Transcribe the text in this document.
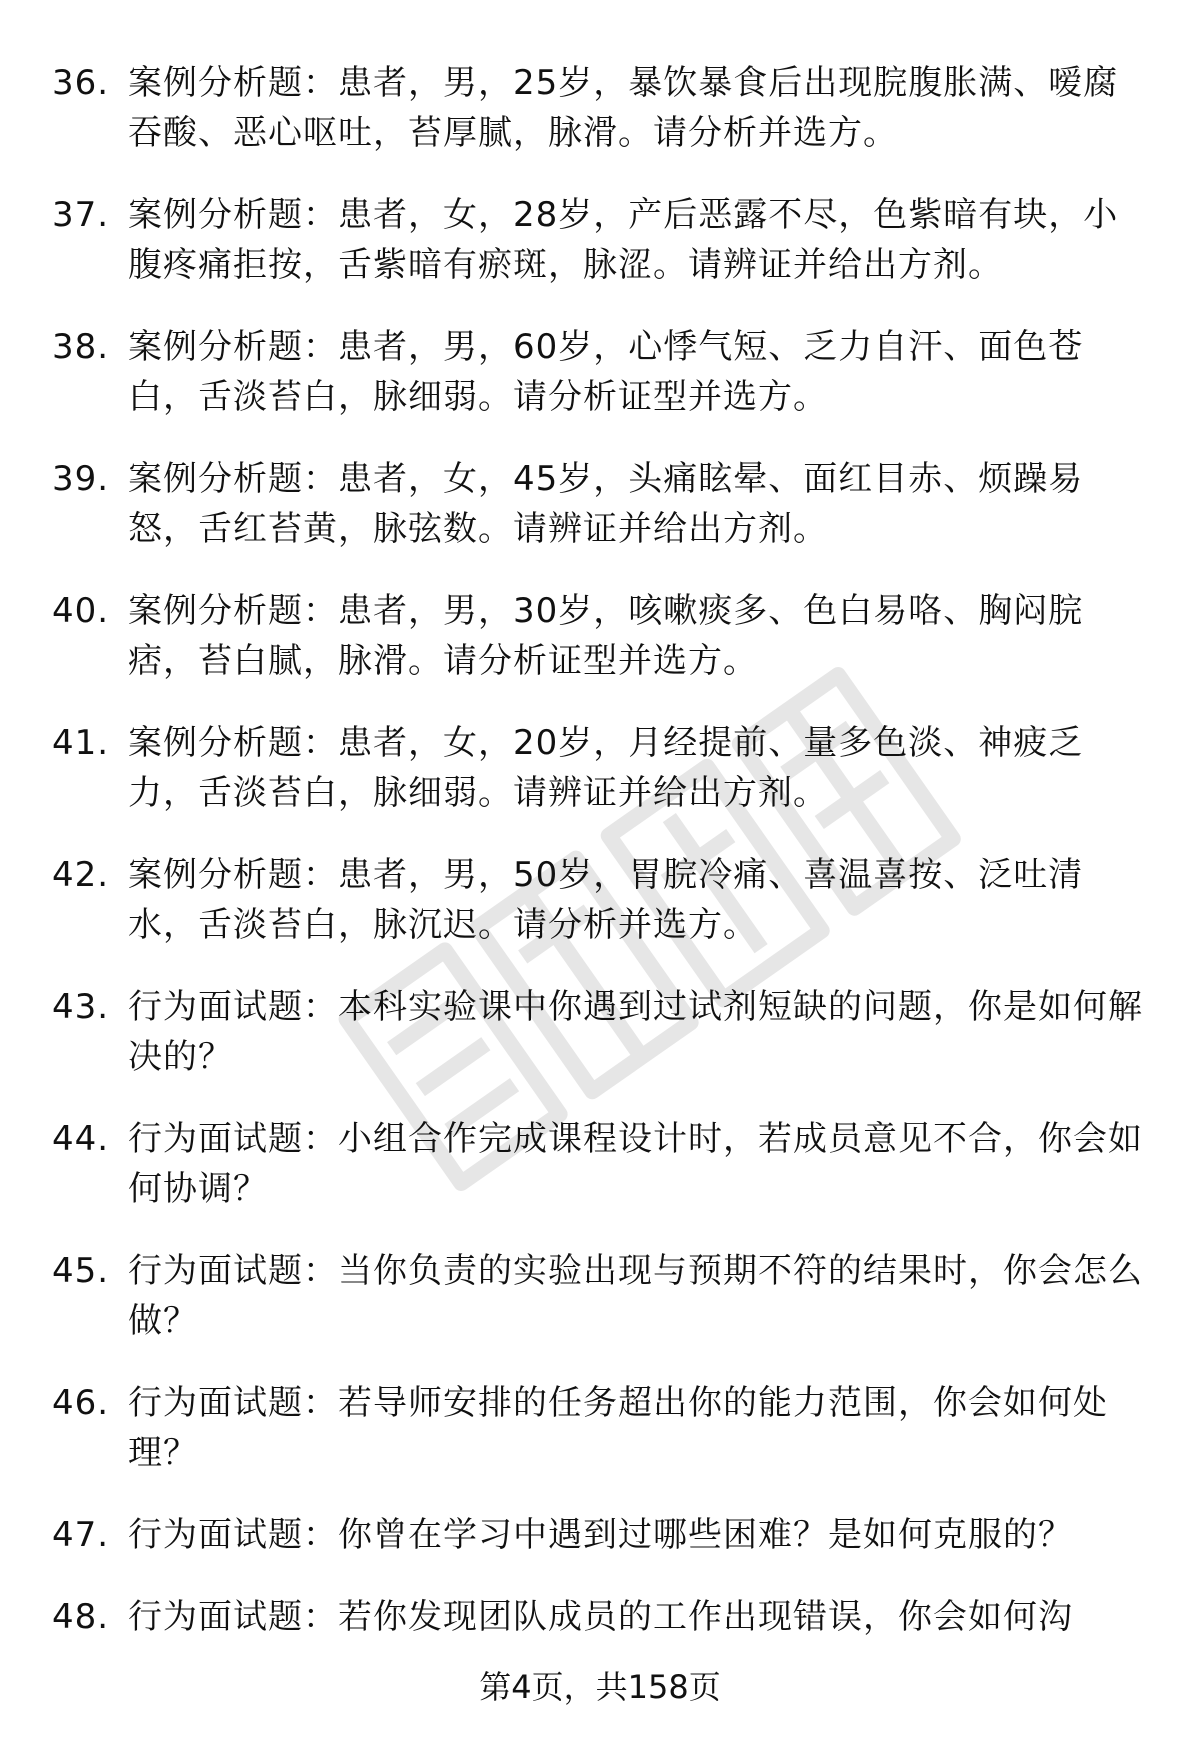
36. 案例分析题：患者，男，25岁，暴饮暴食后出现脘腹胀满、嗳腐吞酸、恶心呕吐，苔厚腻，脉滑。请分析并选方。
37. 案例分析题：患者，女，28岁，产后恶露不尽，色紫暗有块，小腹疼痛拒按，舌紫暗有瘀斑，脉涩。请辨证并给出方剂。
38. 案例分析题：患者，男，60岁，心悸气短、乏力自汗、面色苍白，舌淡苔白，脉细弱。请分析证型并选方。
39. 案例分析题：患者，女，45岁，头痛眩晕、面红目赤、烦躁易怒，舌红苔黄，脉弦数。请辨证并给出方剂。
40. 案例分析题：患者，男，30岁，咳嗽痰多、色白易咯、胸闷脘痞，苔白腻，脉滑。请分析证型并选方。
41. 案例分析题：患者，女，20岁，月经提前、量多色淡、神疲乏力，舌淡苔白，脉细弱。请辨证并给出方剂。
42. 案例分析题：患者，男，50岁，胃脘冷痛、喜温喜按、泛吐清水，舌淡苔白，脉沉迟。请分析并选方。
43. 行为面试题：本科实验课中你遇到过试剂短缺的问题，你是如何解决的？
44. 行为面试题：小组合作完成课程设计时，若成员意见不合，你会如何协调？
45. 行为面试题：当你负责的实验出现与预期不符的结果时，你会怎么做？
46. 行为面试题：若导师安排的任务超出你的能力范围，你会如何处理？
47. 行为面试题：你曾在学习中遇到过哪些困难？是如何克服的？
48. 行为面试题：若你发现团队成员的工作出现错误，你会如何沟
第4页，共158页
